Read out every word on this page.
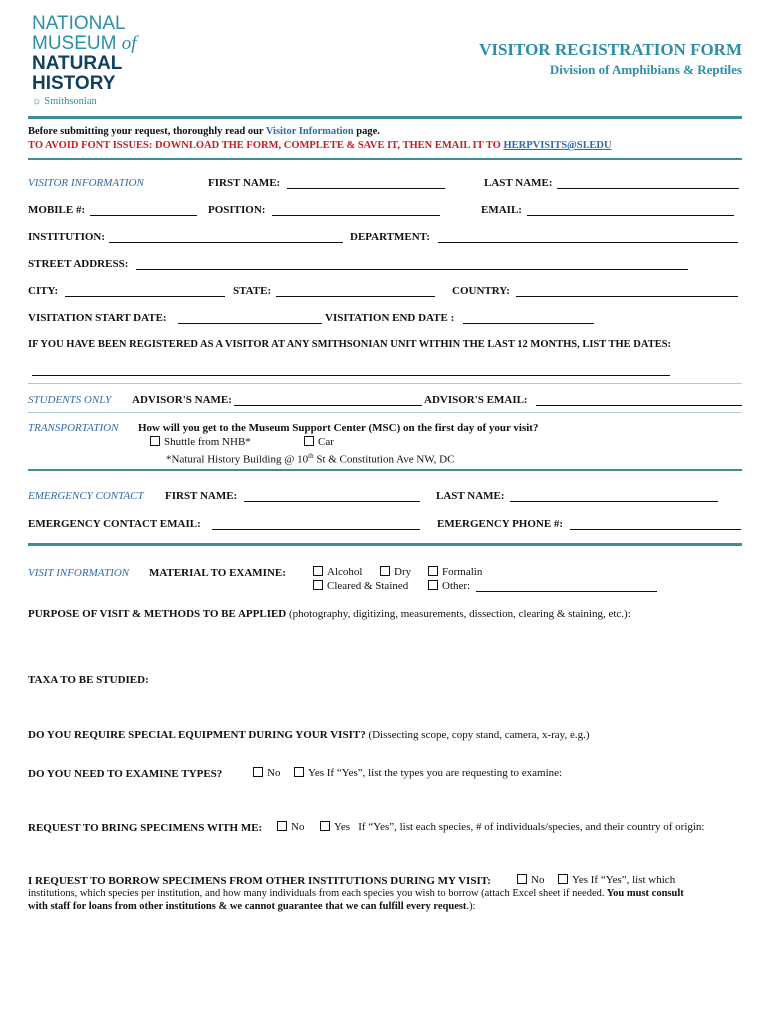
NATIONAL
MUSEUM of
NATURAL
HISTORY
☼ Smithsonian
VISITOR REGISTRATION FORM
Division of Amphibians & Reptiles
Before submitting your request, thoroughly read our Visitor Information page.
TO AVOID FONT ISSUES: DOWNLOAD THE FORM, COMPLETE & SAVE IT, THEN EMAIL IT TO HERPVISITS@SI.EDU
VISITOR INFORMATION	FIRST NAME:	LAST NAME:
MOBILE #:	POSITION:	EMAIL:
INSTITUTION:	DEPARTMENT:
STREET ADDRESS:
CITY:	STATE:	COUNTRY:
VISITATION START DATE:	VISITATION END DATE :
IF YOU HAVE BEEN REGISTERED AS A VISITOR AT ANY SMITHSONIAN UNIT WITHIN THE LAST 12 MONTHS, LIST THE DATES:
STUDENTS ONLY ADVISOR'S NAME:	ADVISOR'S EMAIL:
TRANSPORTATION How will you get to the Museum Support Center (MSC) on the first day of your visit?
Shuttle from NHB*	Car
*Natural History Building @ 10th St & Constitution Ave NW, DC
EMERGENCY CONTACT FIRST NAME:	LAST NAME:
EMERGENCY CONTACT EMAIL:	EMERGENCY PHONE #:
VISIT INFORMATION MATERIAL TO EXAMINE:	Alcohol	Dry	Formalin
Cleared & Stained	Other:
PURPOSE OF VISIT & METHODS TO BE APPLIED (photography, digitizing, measurements, dissection, clearing & staining, etc.):
TAXA TO BE STUDIED:
DO YOU REQUIRE SPECIAL EQUIPMENT DURING YOUR VISIT? (Dissecting scope, copy stand, camera, x-ray, e.g.)
DO YOU NEED TO EXAMINE TYPES?	No	Yes If “Yes”, list the types you are requesting to examine:
REQUEST TO BRING SPECIMENS WITH ME:	No	Yes If “Yes”, list each species, # of individuals/species, and their country of origin:
I REQUEST TO BORROW SPECIMENS FROM OTHER INSTITUTIONS DURING MY VISIT:	No	Yes If “Yes”, list which
institutions, which species per institution, and how many individuals from each species you wish to borrow (attach Excel sheet if needed. You must consult
with staff for loans from other institutions & we cannot guarantee that we can fulfill every request.):
